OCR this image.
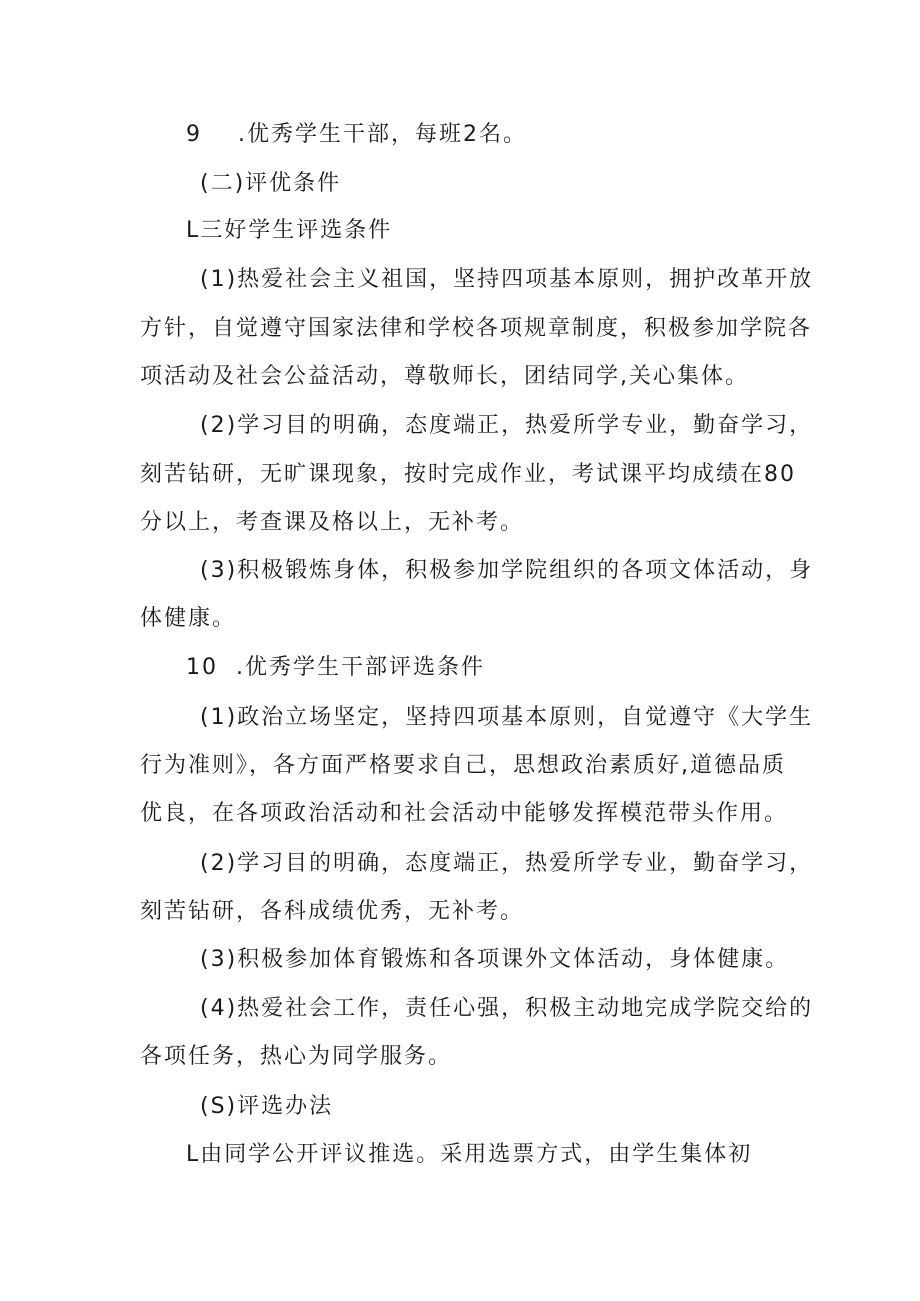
9 .优秀学生干部，每班2名。
(二)评优条件
L三好学生评选条件
(1)热爱社会主义祖国，坚持四项基本原则，拥护改革开放
方针，自觉遵守国家法律和学校各项规章制度，积极参加学院各
项活动及社会公益活动，尊敬师长，团结同学,关心集体。
(2)学习目的明确，态度端正，热爱所学专业，勤奋学习，
刻苦钻研，无旷课现象，按时完成作业，考试课平均成绩在80
分以上，考查课及格以上，无补考。
(3)积极锻炼身体，积极参加学院组织的各项文体活动，身
体健康。
10 .优秀学生干部评选条件
(1)政治立场坚定，坚持四项基本原则，自觉遵守《大学生
行为准则》，各方面严格要求自己，思想政治素质好,道德品质
优良，在各项政治活动和社会活动中能够发挥模范带头作用。
(2)学习目的明确，态度端正，热爱所学专业，勤奋学习，
刻苦钻研，各科成绩优秀，无补考。
(3)积极参加体育锻炼和各项课外文体活动，身体健康。
(4)热爱社会工作，责任心强，积极主动地完成学院交给的
各项任务，热心为同学服务。
(S)评选办法
L由同学公开评议推选。采用选票方式，由学生集体初
